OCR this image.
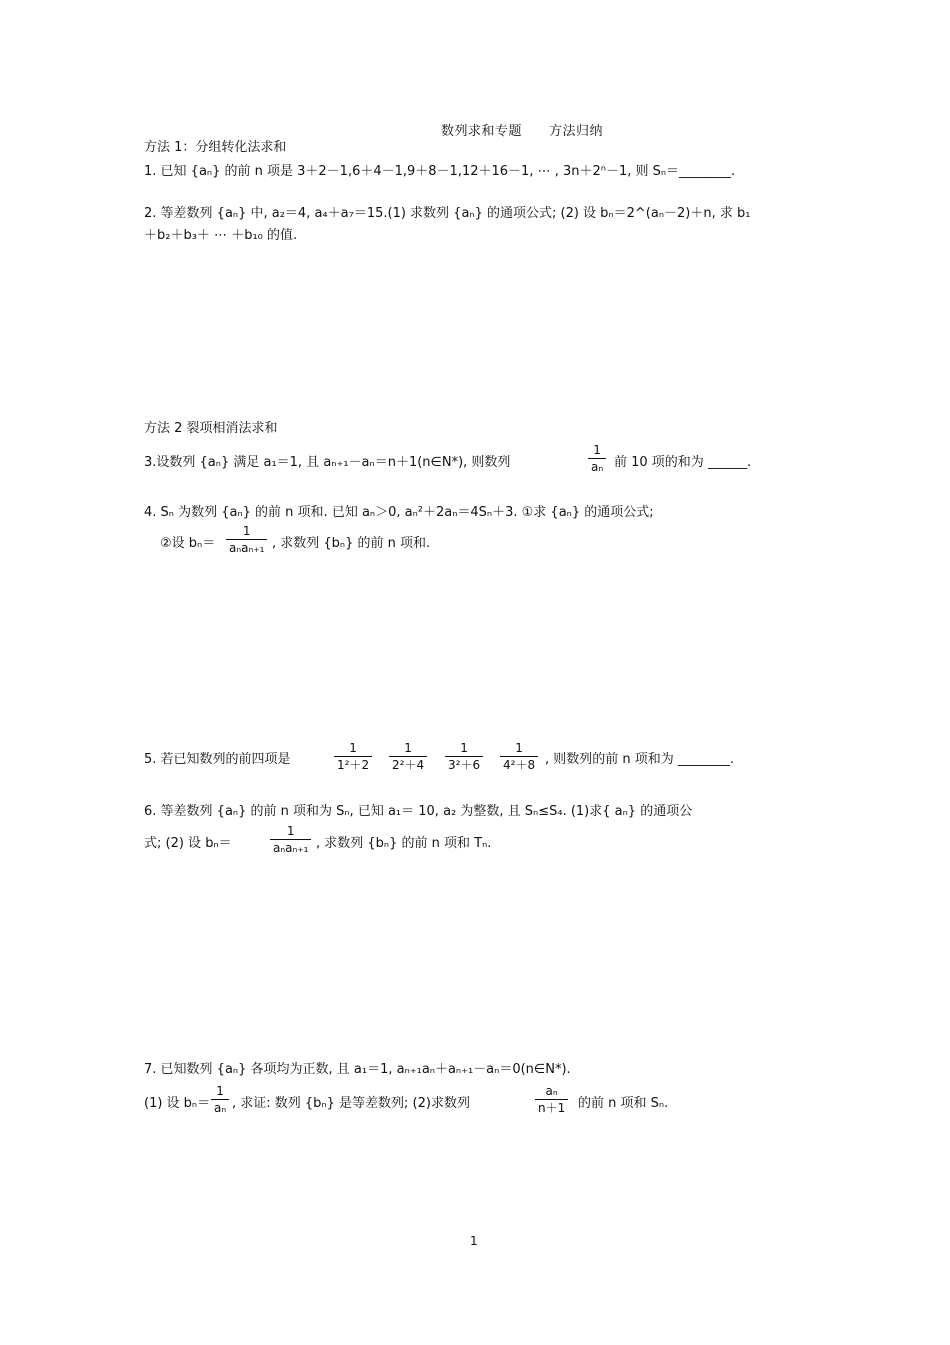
数列求和专题　　方法归纳
方法 1：分组转化法求和
1. 已知 {aₙ} 的前 n 项是 3＋2－1,6＋4－1,9＋8－1,12＋16－1, ⋯ , 3n＋2ⁿ－1, 则 Sₙ＝________.
2. 等差数列 {aₙ} 中, a₂＝4, a₄＋a₇＝15.(1) 求数列 {aₙ} 的通项公式; (2) 设 bₙ＝2^(aₙ－2)＋n, 求 b₁
＋b₂＋b₃＋ ⋯ ＋b₁₀ 的值.
方法 2 裂项相消法求和
3.设数列 {aₙ} 满足 a₁＝1, 且 aₙ₊₁－aₙ＝n＋1(n∈N*), 则数列	$\frac{1}{\text{aₙ}}$ 前 10 项的和为 ______.
4. Sₙ 为数列 {aₙ} 的前 n 项和. 已知 aₙ＞0, aₙ²＋2aₙ＝4Sₙ＋3. ①求 {aₙ} 的通项公式;
②设 bₙ＝
1
aₙaₙ₊₁ , 求数列 {bₙ} 的前 n 项和.
5. 若已知数列的前四项是	$\frac{1}{\text{1²＋2}} \frac{1}{\text{2²＋4}} \frac{1}{\text{3²＋6}} \frac{1}{\text{4²＋8}}$ , 则数列的前 n 项和为 ________.
6. 等差数列 {aₙ} 的前 n 项和为 Sₙ, 已知 a₁＝ 10, a₂ 为整数, 且 Sₙ≤S₄. (1)求{ aₙ} 的通项公
式; (2) 设 bₙ＝
1
aₙaₙ₊₁ , 求数列 {bₙ} 的前 n 项和 Tₙ.
7. 已知数列 {aₙ} 各项均为正数, 且 a₁＝1, aₙ₊₁aₙ＋aₙ₊₁－aₙ＝0(n∈N*).
(1) 设 $b_n= \frac{1}{\text{aₙ}}$ , 求证: 数列 {bₙ} 是等差数列; (2)求数列	$\frac{\text{aₙ}}{n+1}$ 的前 n 项和 Sₙ.
1
